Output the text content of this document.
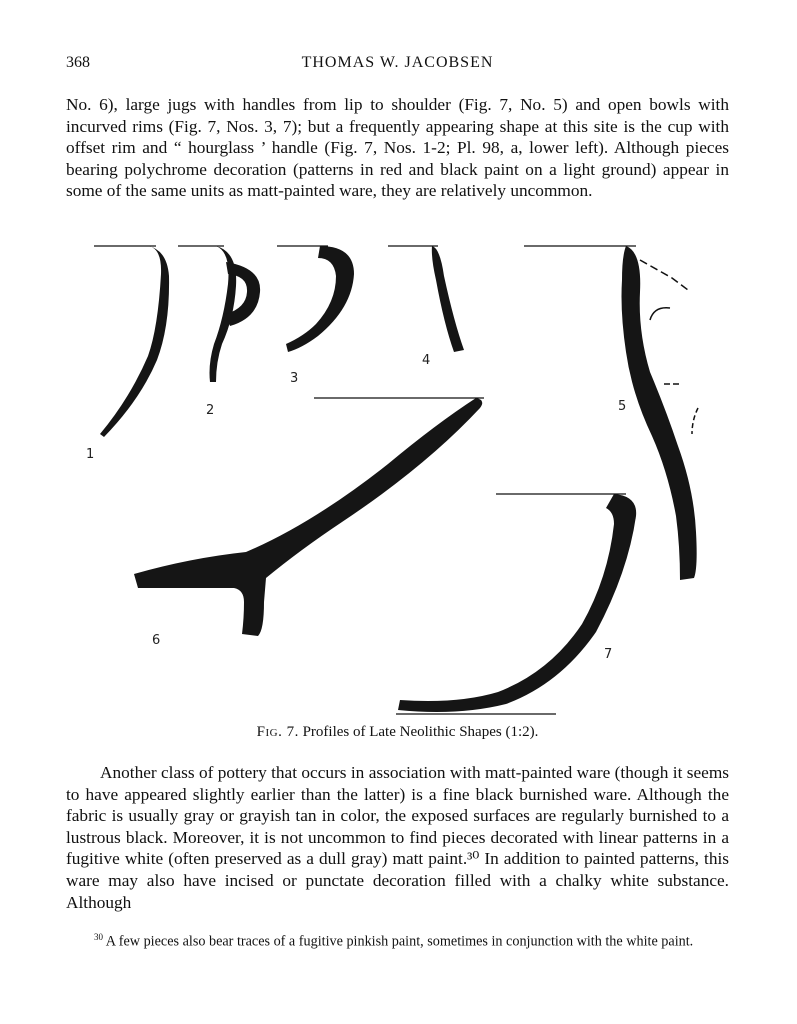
368	THOMAS W. JACOBSEN

No. 6), large jugs with handles from lip to shoulder (Fig. 7, No. 5) and open bowls with incurved rims (Fig. 7, Nos. 3, 7); but a frequently appearing shape at this site is the cup with offset rim and “ hourglass ’ handle (Fig. 7, Nos. 1-2; Pl. 98, a, lower left). Although pieces bearing polychrome decoration (patterns in red and black paint on a light ground) appear in some of the same units as matt-painted ware, they are relatively uncommon.

1
2
3
4
5
6
7
Fig. 7. Profiles of Late Neolithic Shapes (1:2).

Another class of pottery that occurs in association with matt-painted ware (though it seems to have appeared slightly earlier than the latter) is a fine black burnished ware. Although the fabric is usually gray or grayish tan in color, the exposed surfaces are regularly burnished to a lustrous black. Moreover, it is not uncommon to find pieces decorated with linear patterns in a fugitive white (often preserved as a dull gray) matt paint.³⁰ In addition to painted patterns, this ware may also have incised or punctate decoration filled with a chalky white substance. Although

$^{30}$ A few pieces also bear traces of a fugitive pinkish paint, sometimes in conjunction with the white paint.
